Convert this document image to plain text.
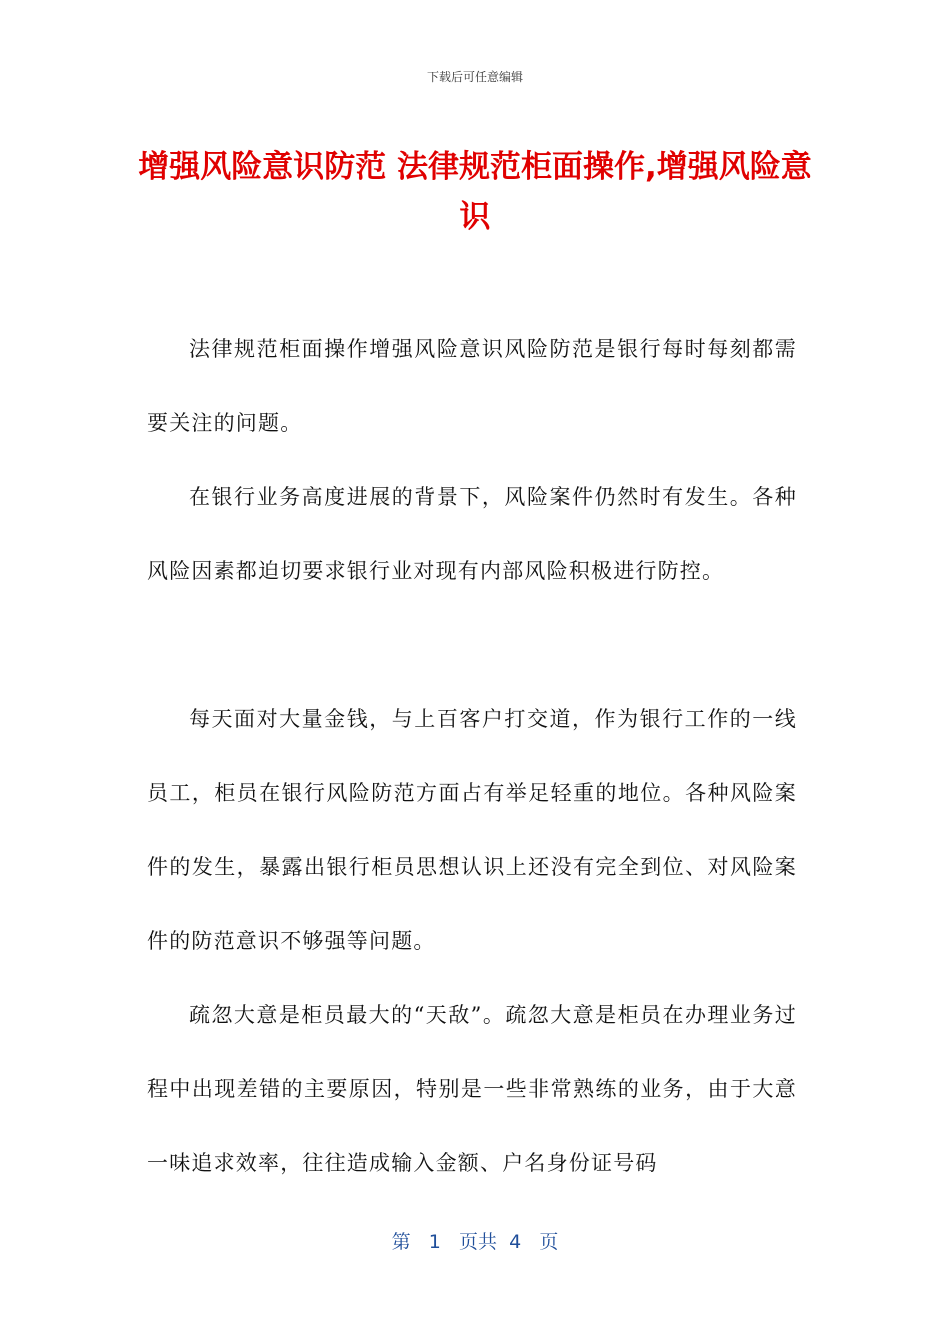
下载后可任意编辑
增强风险意识防范 法律规范柜面操作,增强风险意识

法律规范柜面操作增强风险意识风险防范是银行每时每刻都需要关注的问题。

在银行业务高度进展的背景下，风险案件仍然时有发生。各种风险因素都迫切要求银行业对现有内部风险积极进行防控。

每天面对大量金钱，与上百客户打交道，作为银行工作的一线员工，柜员在银行风险防范方面占有举足轻重的地位。各种风险案件的发生，暴露出银行柜员思想认识上还没有完全到位、对风险案件的防范意识不够强等问题。

疏忽大意是柜员最大的“天敌”。疏忽大意是柜员在办理业务过程中出现差错的主要原因，特别是一些非常熟练的业务，由于大意一味追求效率，往往造成输入金额、户名身份证号码

第 1 页共 4 页
